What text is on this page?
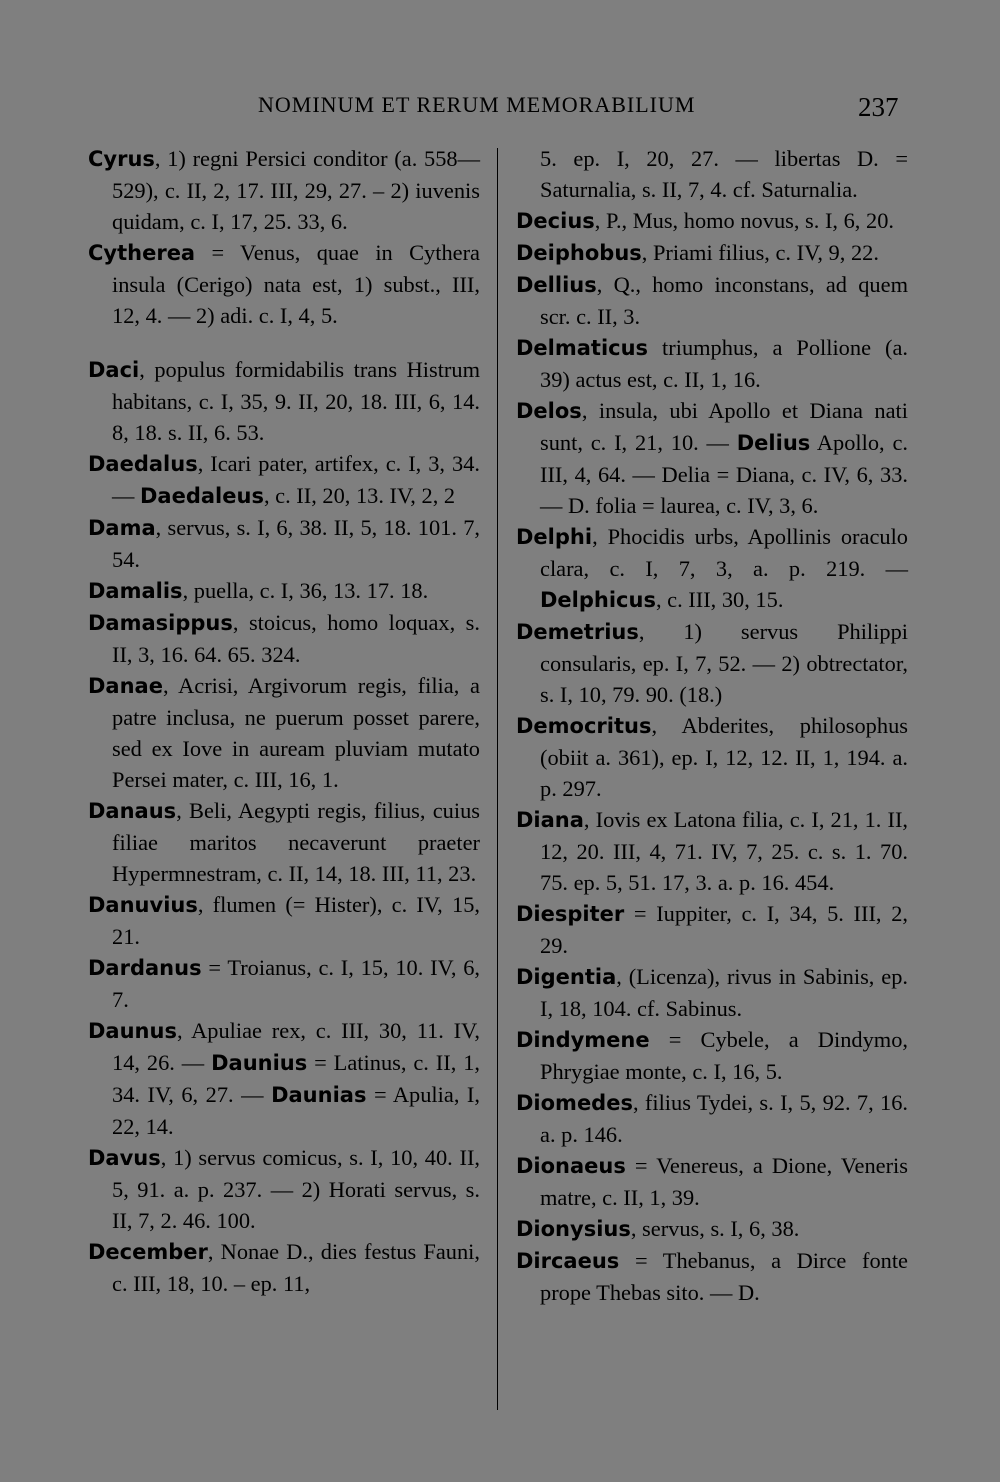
NOMINUM ET RERUM MEMORABILIUM	237
Cyrus, 1) regni Persici conditor (a. 558—529), c. II, 2, 17. III, 29, 27. – 2) iuvenis quidam, c. I, 17, 25. 33, 6.
Cytherea = Venus, quae in Cythera insula (Cerigo) nata est, 1) subst., III, 12, 4. — 2) adi. c. I, 4, 5.
Daci, populus formidabilis trans Histrum habitans, c. I, 35, 9. II, 20, 18. III, 6, 14. 8, 18. s. II, 6. 53.
Daedalus, Icari pater, artifex, c. I, 3, 34. — Daedaleus, c. II, 20, 13. IV, 2, 2
Dama, servus, s. I, 6, 38. II, 5, 18. 101. 7, 54.
Damalis, puella, c. I, 36, 13. 17. 18.
Damasippus, stoicus, homo loquax, s. II, 3, 16. 64. 65. 324.
Danae, Acrisi, Argivorum regis, filia, a patre inclusa, ne puerum posset parere, sed ex Iove in auream pluviam mutato Persei mater, c. III, 16, 1.
Danaus, Beli, Aegypti regis, filius, cuius filiae maritos necaverunt praeter Hypermnestram, c. II, 14, 18. III, 11, 23.
Danuvius, flumen (= Hister), c. IV, 15, 21.
Dardanus = Troianus, c. I, 15, 10. IV, 6, 7.
Daunus, Apuliae rex, c. III, 30, 11. IV, 14, 26. — Daunius = Latinus, c. II, 1, 34. IV, 6, 27. — Daunias = Apulia, I, 22, 14.
Davus, 1) servus comicus, s. I, 10, 40. II, 5, 91. a. p. 237. — 2) Horati servus, s. II, 7, 2. 46. 100.
December, Nonae D., dies festus Fauni, c. III, 18, 10. – ep. 11,
5. ep. I, 20, 27. — libertas D. = Saturnalia, s. II, 7, 4. cf. Saturnalia.
Decius, P., Mus, homo novus, s. I, 6, 20.
Deiphobus, Priami filius, c. IV, 9, 22.
Dellius, Q., homo inconstans, ad quem scr. c. II, 3.
Delmaticus triumphus, a Pollione (a. 39) actus est, c. II, 1, 16.
Delos, insula, ubi Apollo et Diana nati sunt, c. I, 21, 10. — Delius Apollo, c. III, 4, 64. — Delia = Diana, c. IV, 6, 33. — D. folia = laurea, c. IV, 3, 6.
Delphi, Phocidis urbs, Apollinis oraculo clara, c. I, 7, 3, a. p. 219. — Delphicus, c. III, 30, 15.
Demetrius, 1) servus Philippi consularis, ep. I, 7, 52. — 2) obtrectator, s. I, 10, 79. 90. (18.)
Democritus, Abderites, philosophus (obiit a. 361), ep. I, 12, 12. II, 1, 194. a. p. 297.
Diana, Iovis ex Latona filia, c. I, 21, 1. II, 12, 20. III, 4, 71. IV, 7, 25. c. s. 1. 70. 75. ep. 5, 51. 17, 3. a. p. 16. 454.
Diespiter = Iuppiter, c. I, 34, 5. III, 2, 29.
Digentia, (Licenza), rivus in Sabinis, ep. I, 18, 104. cf. Sabinus.
Dindymene = Cybele, a Dindymo, Phrygiae monte, c. I, 16, 5.
Diomedes, filius Tydei, s. I, 5, 92. 7, 16. a. p. 146.
Dionaeus = Venereus, a Dione, Veneris matre, c. II, 1, 39.
Dionysius, servus, s. I, 6, 38.
Dircaeus = Thebanus, a Dirce fonte prope Thebas sito. — D.
